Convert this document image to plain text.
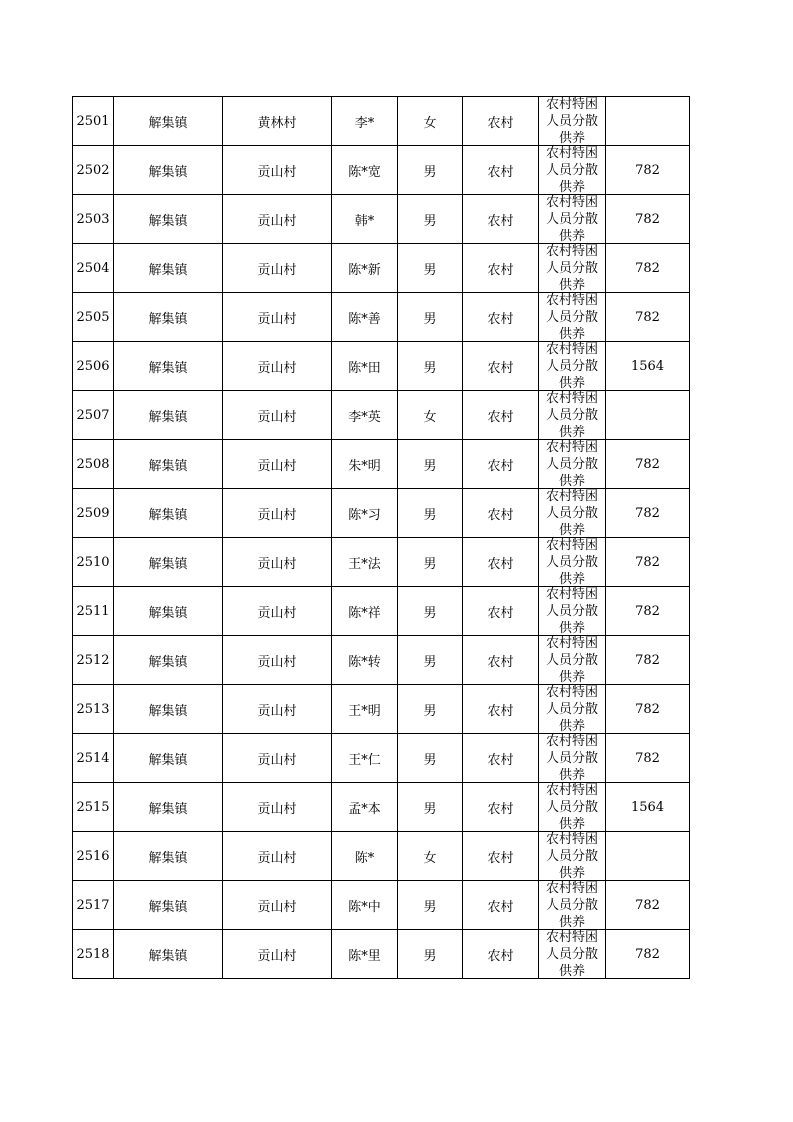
2501	解集镇	黄林村	李*	女	农村	农村特困人员分散供养	

2502	解集镇	贡山村	陈*宽	男	农村	农村特困人员分散供养	782
2503	解集镇	贡山村	韩*	男	农村	农村特困人员分散供养	782
2504	解集镇	贡山村	陈*新	男	农村	农村特困人员分散供养	782
2505	解集镇	贡山村	陈*善	男	农村	农村特困人员分散供养	782
2506	解集镇	贡山村	陈*田	男	农村	农村特困人员分散供养	1564
2507	解集镇	贡山村	李*英	女	农村	农村特困人员分散供养	

2508	解集镇	贡山村	朱*明	男	农村	农村特困人员分散供养	782
2509	解集镇	贡山村	陈*习	男	农村	农村特困人员分散供养	782
2510	解集镇	贡山村	王*法	男	农村	农村特困人员分散供养	782
2511	解集镇	贡山村	陈*祥	男	农村	农村特困人员分散供养	782
2512	解集镇	贡山村	陈*转	男	农村	农村特困人员分散供养	782
2513	解集镇	贡山村	王*明	男	农村	农村特困人员分散供养	782
2514	解集镇	贡山村	王*仁	男	农村	农村特困人员分散供养	782
2515	解集镇	贡山村	孟*本	男	农村	农村特困人员分散供养	1564
2516	解集镇	贡山村	陈*	女	农村	农村特困人员分散供养	

2517	解集镇	贡山村	陈*中	男	农村	农村特困人员分散供养	782
2518	解集镇	贡山村	陈*里	男	农村	农村特困人员分散供养	782
